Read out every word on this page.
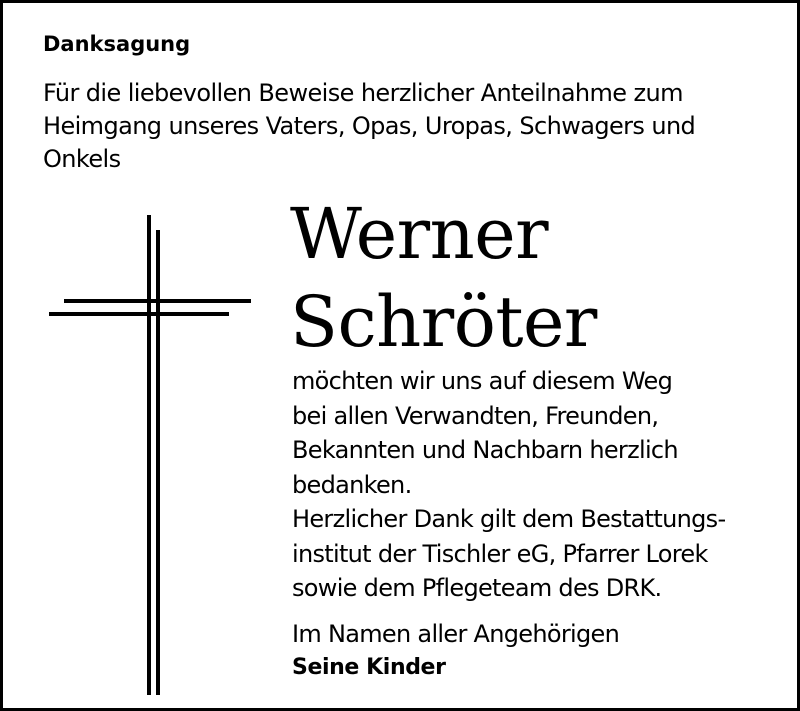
Danksagung
Für die liebevollen Beweise herzlicher Anteilnahme zum
Heimgang unseres Vaters, Opas, Uropas, Schwagers und
Onkels
Werner
Schröter
möchten wir uns auf diesem Weg
bei allen Verwandten, Freunden,
Bekannten und Nachbarn herzlich
bedanken.
Herzlicher Dank gilt dem Bestattungs-
institut der Tischler eG, Pfarrer Lorek
sowie dem Pflegeteam des DRK.
Im Namen aller Angehörigen
Seine Kinder
